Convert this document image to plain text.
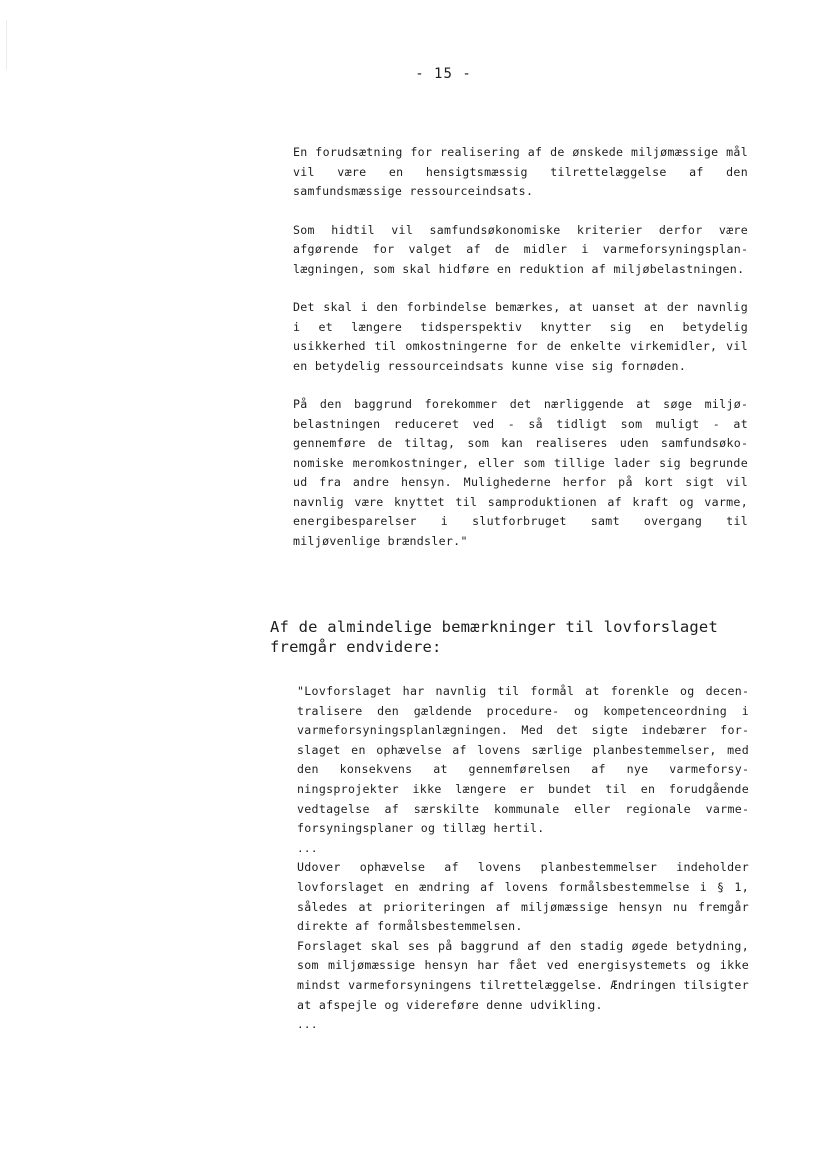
- 15 -

En forudsætning for realisering af de ønskede miljømæssige mål vil være en hensigtsmæssig tilrettelæggelse af den samfundsmæssige ressourceindsats.

Som hidtil vil samfundsøkonomiske kriterier derfor være afgørende for valget af de midler i varmeforsyningsplanlægningen, som skal hidføre en reduktion af miljøbelastningen.

Det skal i den forbindelse bemærkes, at uanset at der navnlig i et længere tidsperspektiv knytter sig en betydelig usikkerhed til omkostningerne for de enkelte virkemidler, vil en betydelig ressourceindsats kunne vise sig fornøden.

På den baggrund forekommer det nærliggende at søge miljøbelastningen reduceret ved - så tidligt som muligt - at gennemføre de tiltag, som kan realiseres uden samfundsøkonomiske meromkostninger, eller som tillige lader sig begrunde ud fra andre hensyn. Mulighederne herfor på kort sigt vil navnlig være knyttet til samproduktionen af kraft og varme, energibesparelser i slutforbruget samt overgang til miljøvenlige brændsler."

Af de almindelige bemærkninger til lovforslaget fremgår endvidere:

"Lovforslaget har navnlig til formål at forenkle og decentralisere den gældende procedure- og kompetenceordning i varmeforsyningsplanlægningen. Med det sigte indebærer forslaget en ophævelse af lovens særlige planbestemmelser, med den konsekvens at gennemførelsen af nye varmeforsyningsprojekter ikke længere er bundet til en forudgående vedtagelse af særskilte kommunale eller regionale varmeforsyningsplaner og tillæg hertil.

...

Udover ophævelse af lovens planbestemmelser indeholder lovforslaget en ændring af lovens formålsbestemmelse i § 1, således at prioriteringen af miljømæssige hensyn nu fremgår direkte af formålsbestemmelsen.

Forslaget skal ses på baggrund af den stadig øgede betydning, som miljømæssige hensyn har fået ved energisystemets og ikke mindst varmeforsyningens tilrettelæggelse. Ændringen tilsigter at afspejle og videreføre denne udvikling.

...
